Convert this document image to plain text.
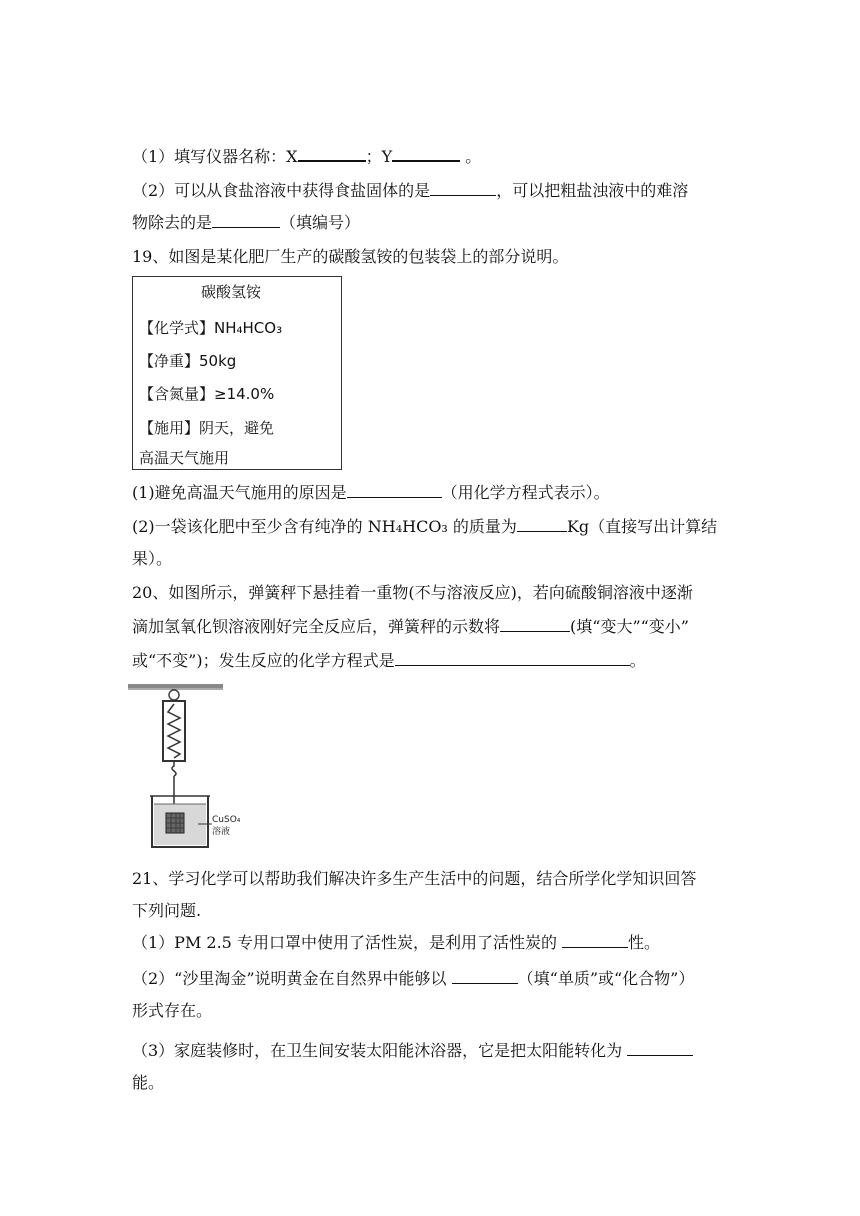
（1）填写仪器名称：X	；Y	。
（2）可以从食盐溶液中获得食盐固体的是	，可以把粗盐浊液中的难溶
物除去的是	（填编号）
19、如图是某化肥厂生产的碳酸氢铵的包装袋上的部分说明。
碳酸氢铵
【化学式】NH₄HCO₃
【净重】50kg
【含氮量】≥14.0%
【施用】阴天，避免
高温天气施用
(1)避免高温天气施用的原因是	（用化学方程式表示）。
(2)一袋该化肥中至少含有纯净的 NH₄HCO₃ 的质量为	Kg（直接写出计算结
果）。
20、如图所示，弹簧秤下悬挂着一重物(不与溶液反应)，若向硫酸铜溶液中逐渐
滴加氢氧化钡溶液刚好完全反应后，弹簧秤的示数将	(填“变大”“变小”
或“不变”)；发生反应的化学方程式是	。
CuSO₄
溶液
21、学习化学可以帮助我们解决许多生产生活中的问题，结合所学化学知识回答
下列问题.
（1）PM 2.5 专用口罩中使用了活性炭，是利用了活性炭的	性。
（2）“沙里淘金”说明黄金在自然界中能够以	（填“单质”或“化合物”）
形式存在。
（3）家庭装修时，在卫生间安装太阳能沐浴器，它是把太阳能转化为
能。
